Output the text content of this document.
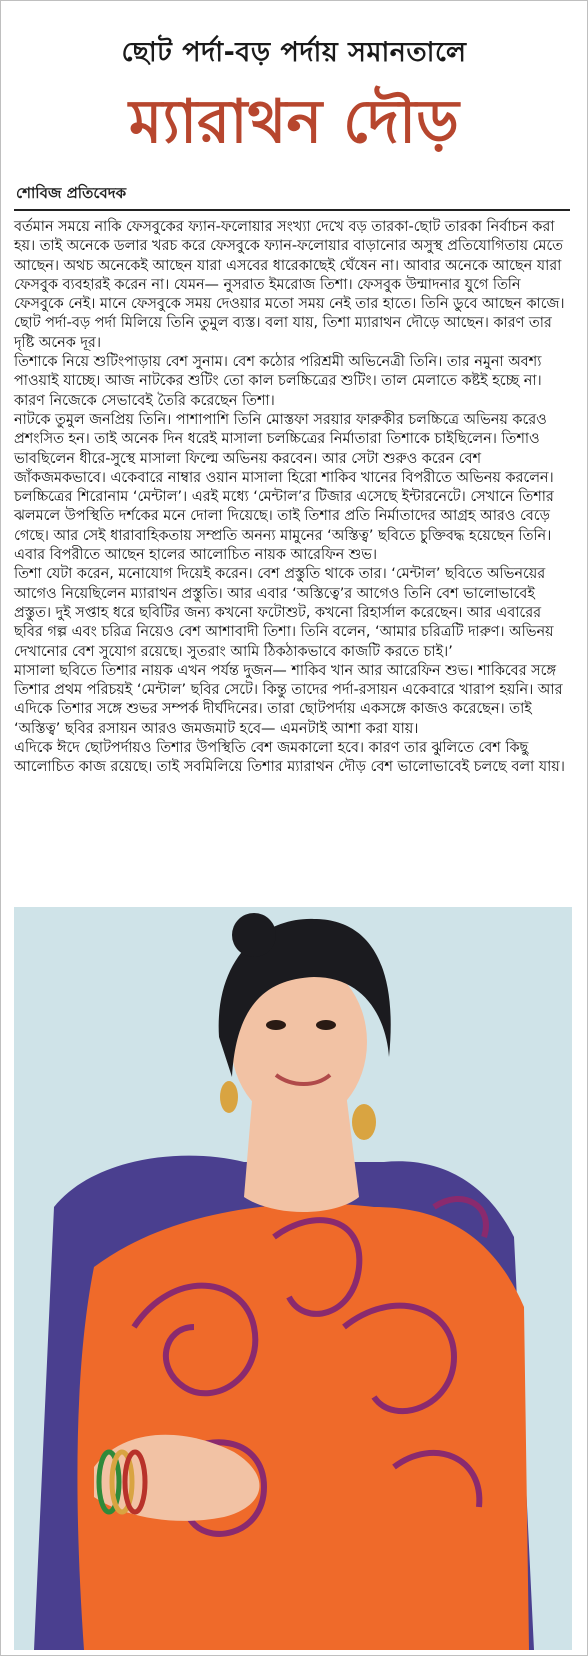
ছোট পর্দা-বড় পর্দায় সমানতালে
ম্যারাথন দৌড়
শোবিজ প্রতিবেদক

বর্তমান সময়ে নাকি ফেসবুকের ফ্যান-ফলোয়ার সংখ্যা দেখে বড় তারকা-ছোট তারকা নির্বাচন করা হয়। তাই অনেকে ডলার খরচ করে ফেসবুকে ফ্যান-ফলোয়ার বাড়ানোর অসুস্থ প্রতিযোগিতায় মেতে আছেন। অথচ অনেকেই আছেন যারা এসবের ধারেকাছেই ঘেঁষেন না। আবার অনেকে আছেন যারা ফেসবুক ব্যবহারই করেন না। যেমন— নুসরাত ইমরোজ তিশা। ফেসবুক উন্মাদনার যুগে তিনি ফেসবুকে নেই। মানে ফেসবুকে সময় দেওয়ার মতো সময় নেই তার হাতে। তিনি ডুবে আছেন কাজে। ছোট পর্দা-বড় পর্দা মিলিয়ে তিনি তুমুল ব্যস্ত। বলা যায়, তিশা ম্যারাথন দৌড়ে আছেন। কারণ তার দৃষ্টি অনেক দূর।

তিশাকে নিয়ে শুটিংপাড়ায় বেশ সুনাম। বেশ কঠোর পরিশ্রমী অভিনেত্রী তিনি। তার নমুনা অবশ্য পাওয়াই যাচ্ছে। আজ নাটকের শুটিং তো কাল চলচ্চিত্রের শুটিং। তাল মেলাতে কষ্টই হচ্ছে না। কারণ নিজেকে সেভাবেই তৈরি করেছেন তিশা।

নাটকে তুমুল জনপ্রিয় তিনি। পাশাপাশি তিনি মোস্তফা সরয়ার ফারুকীর চলচ্চিত্রে অভিনয় করেও প্রশংসিত হন। তাই অনেক দিন ধরেই মাসালা চলচ্চিত্রের নির্মাতারা তিশাকে চাইছিলেন। তিশাও ভাবছিলেন ধীরে-সুস্থে মাসালা ফিল্মে অভিনয় করবেন। আর সেটা শুরুও করেন বেশ জাঁকজমকভাবে। একেবারে নাম্বার ওয়ান মাসালা হিরো শাকিব খানের বিপরীতে অভিনয় করলেন। চলচ্চিত্রের শিরোনাম ‘মেন্টাল’। এরই মধ্যে ‘মেন্টাল’র টিজার এসেছে ইন্টারনেটে। সেখানে তিশার ঝলমলে উপস্থিতি দর্শকের মনে দোলা দিয়েছে। তাই তিশার প্রতি নির্মাতাদের আগ্রহ আরও বেড়ে গেছে। আর সেই ধারাবাহিকতায় সম্প্রতি অনন্য মামুনের ‘অস্তিত্ব’ ছবিতে চুক্তিবদ্ধ হয়েছেন তিনি। এবার বিপরীতে আছেন হালের আলোচিত নায়ক আরেফিন শুভ।

তিশা যেটা করেন, মনোযোগ দিয়েই করেন। বেশ প্রস্তুতি থাকে তার। ‘মেন্টাল’ ছবিতে অভিনয়ের আগেও নিয়েছিলেন ম্যারাথন প্রস্তুতি। আর এবার ‘অস্তিত্বে’র আগেও তিনি বেশ ভালোভাবেই প্রস্তুত। দুই সপ্তাহ ধরে ছবিটির জন্য কখনো ফটোশুট, কখনো রিহার্সাল করেছেন। আর এবারের ছবির গল্প এবং চরিত্র নিয়েও বেশ আশাবাদী তিশা। তিনি বলেন, ‘আমার চরিত্রটি দারুণ। অভিনয় দেখানোর বেশ সুযোগ রয়েছে। সুতরাং আমি ঠিকঠাকভাবে কাজটি করতে চাই।’

মাসালা ছবিতে তিশার নায়ক এখন পর্যন্ত দুজন— শাকিব খান আর আরেফিন শুভ। শাকিবের সঙ্গে তিশার প্রথম পরিচয়ই ‘মেন্টাল’ ছবির সেটে। কিন্তু তাদের পর্দা-রসায়ন একেবারে খারাপ হয়নি। আর এদিকে তিশার সঙ্গে শুভর সম্পর্ক দীর্ঘদিনের। তারা ছোটপর্দায় একসঙ্গে কাজও করেছেন। তাই ‘অস্তিত্ব’ ছবির রসায়ন আরও জমজমাট হবে— এমনটাই আশা করা যায়।

এদিকে ঈদে ছোটপর্দায়ও তিশার উপস্থিতি বেশ জমকালো হবে। কারণ তার ঝুলিতে বেশ কিছু আলোচিত কাজ রয়েছে। তাই সবমিলিয়ে তিশার ম্যারাথন দৌড় বেশ ভালোভাবেই চলছে বলা যায়।
